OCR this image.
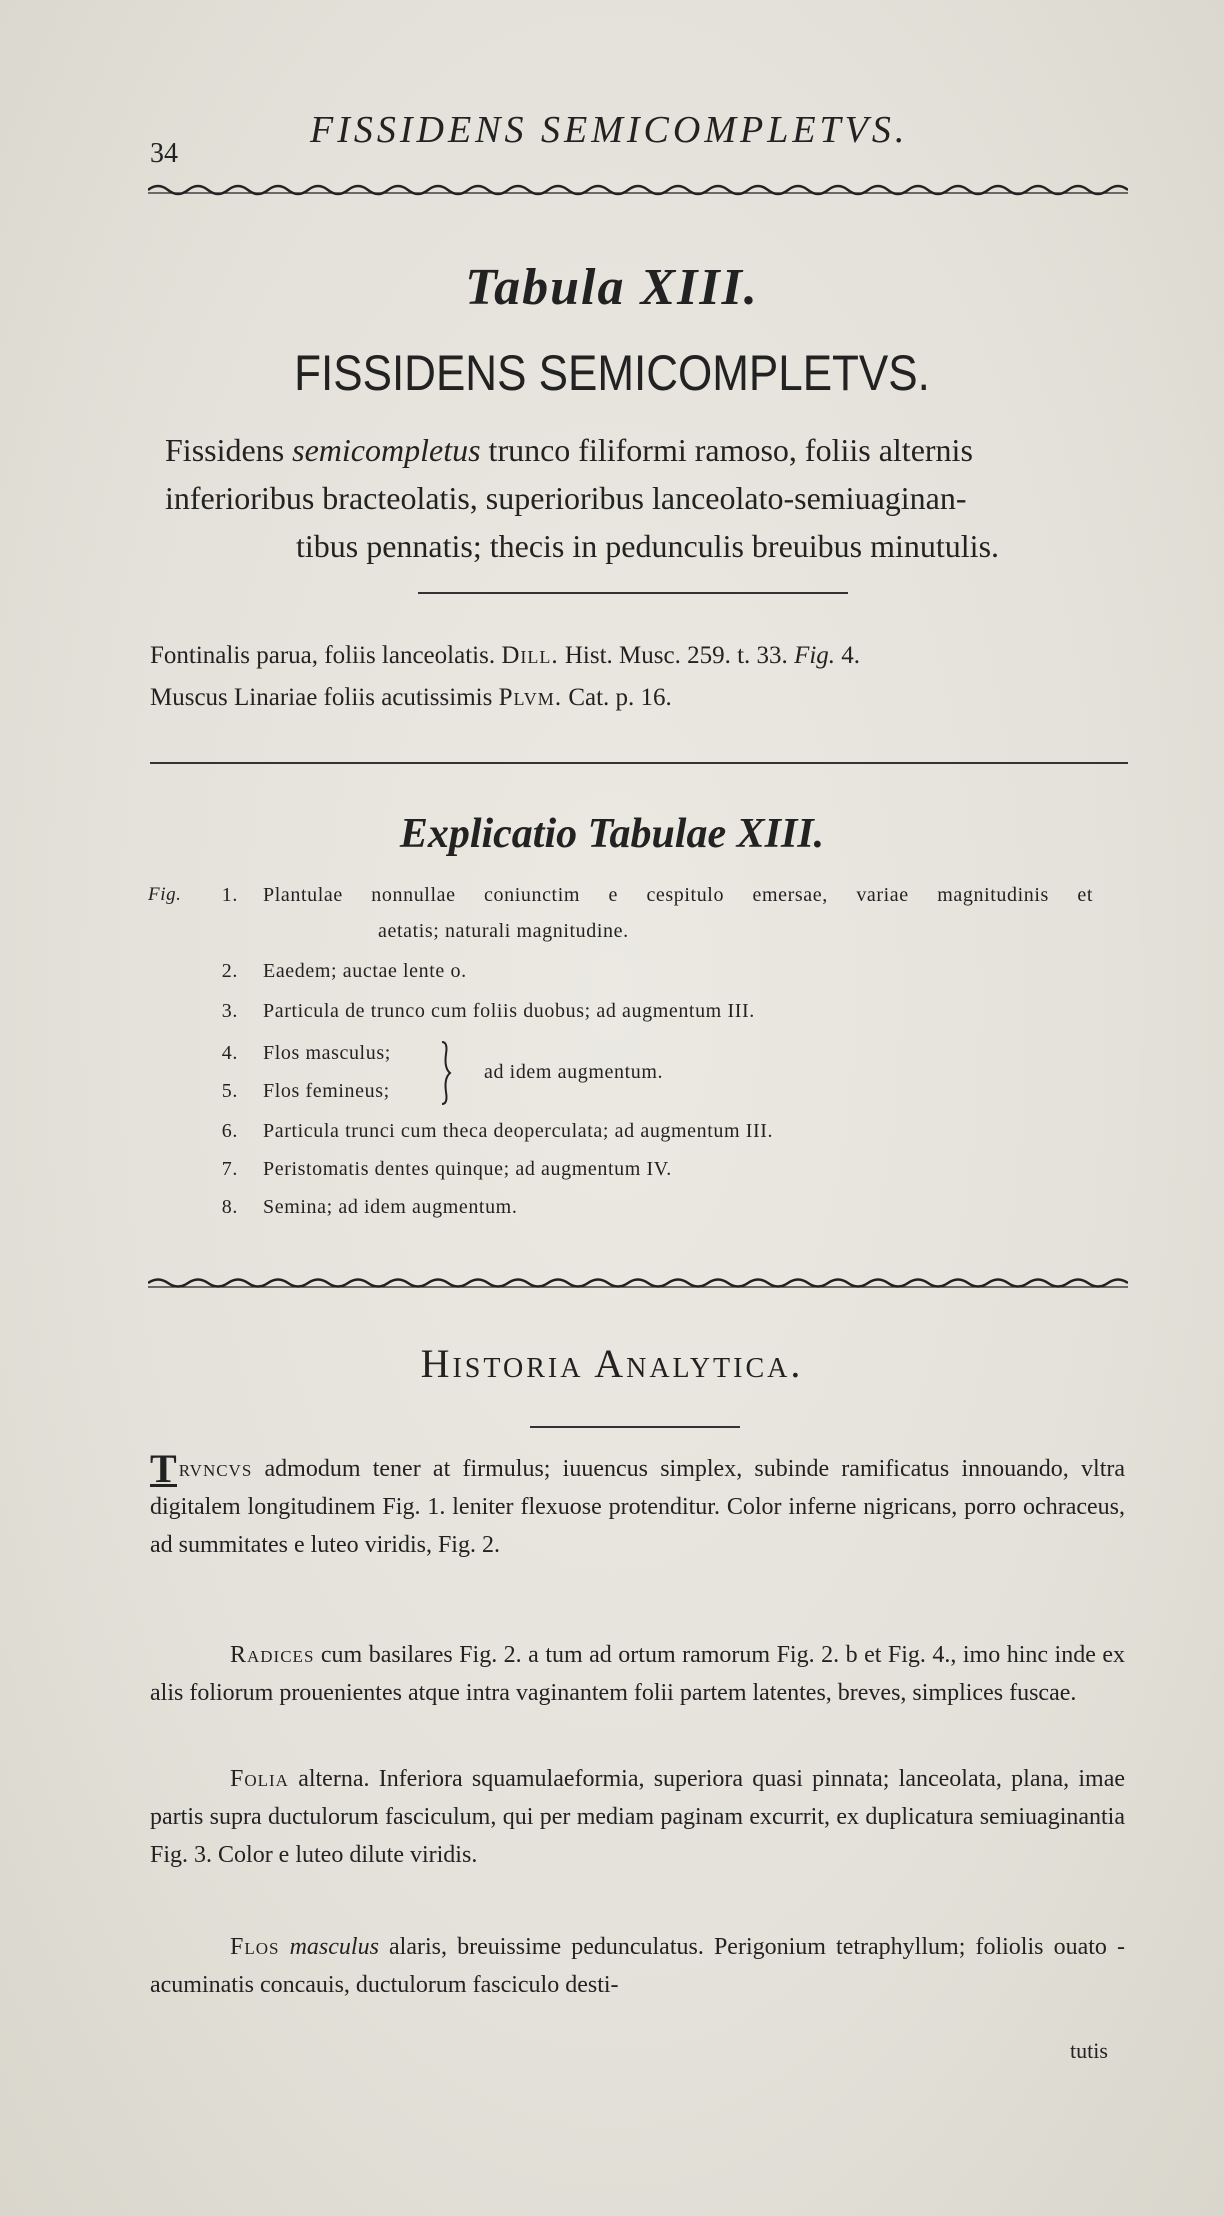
34
FISSIDENS SEMICOMPLETVS.
Tabula XIII.
FISSIDENS SEMICOMPLETVS.
Fissidens semicompletus trunco filiformi ramoso, foliis alternis
inferioribus bracteolatis, superioribus lanceolato-semiuaginan-

tibus pennatis; thecis in pedunculis breuibus minutulis.
Fontinalis parua, foliis lanceolatis. Dill. Hist. Musc. 259. t. 33. Fig. 4.
Muscus Linariae foliis acutissimis Plvm. Cat. p. 16.
Explicatio Tabulae XIII.
Fig. 1. Plantulae nonnullae coniunctim e cespitulo emersae, variae magnitudinis et
aetatis; naturali magnitudine.
2. Eaedem; auctae lente o.
3. Particula de trunco cum foliis duobus; ad augmentum III.
4. Flos masculus;
5. Flos femineus;
ad idem augmentum.
6. Particula trunci cum theca deoperculata; ad augmentum III.
7. Peristomatis dentes quinque; ad augmentum IV.
8. Semina; ad idem augmentum.
Historia Analytica.
Trvncvs admodum tener at firmulus; iuuencus simplex, subinde ramificatus innouando, vltra digitalem longitudinem Fig. 1. leniter flexuose protenditur. Color inferne nigricans, porro ochraceus, ad summitates e luteo viridis, Fig. 2.
Radices cum basilares Fig. 2. a tum ad ortum ramorum Fig. 2. b et Fig. 4., imo hinc inde ex alis foliorum prouenientes atque intra vaginantem folii partem latentes, breves, simplices fuscae.
Folia alterna. Inferiora squamulaeformia, superiora quasi pinnata; lanceolata, plana, imae partis supra ductulorum fasciculum, qui per mediam paginam excurrit, ex duplicatura semiuaginantia Fig. 3. Color e luteo dilute viridis.
Flos masculus alaris, breuissime pedunculatus. Perigonium tetraphyllum; foliolis ouato - acuminatis concauis, ductulorum fasciculo desti-
tutis
